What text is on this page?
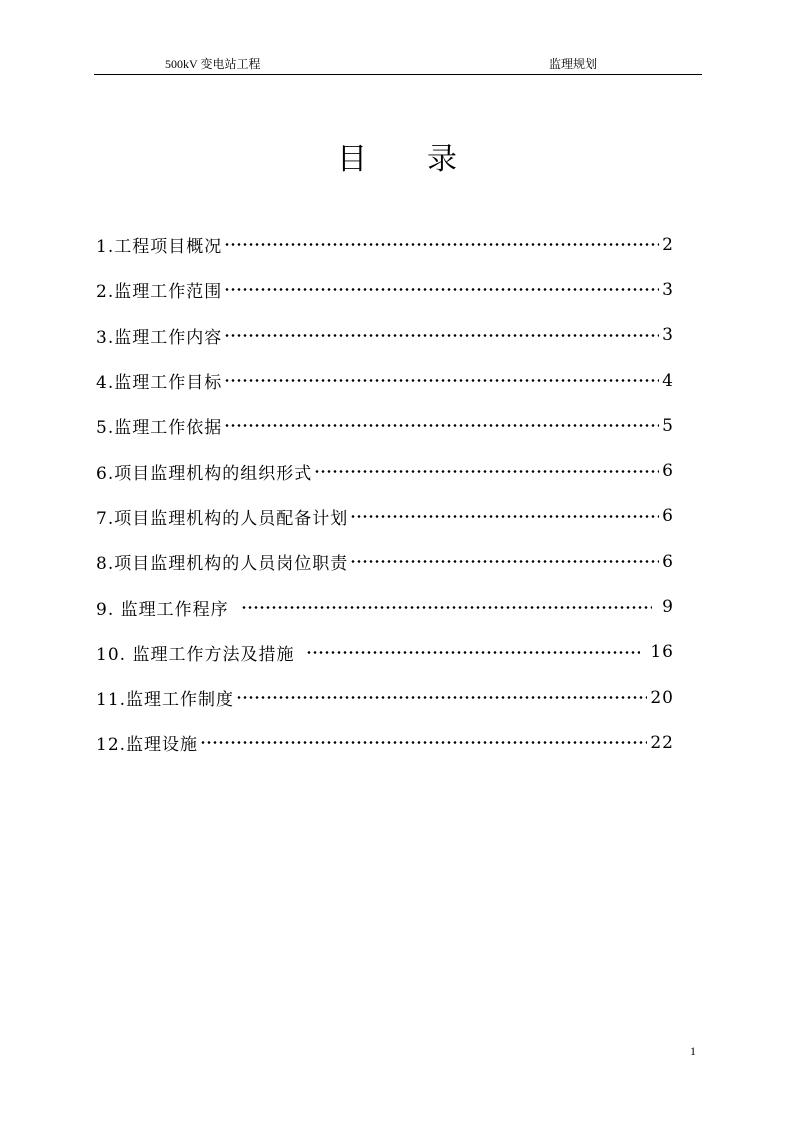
500kV 变电站工程	监理规划
目 录
1.工程项目概况	2
2.监理工作范围	3
3.监理工作内容	3
4.监理工作目标	4
5.监理工作依据	5
6.项目监理机构的组织形式	6
7.项目监理机构的人员配备计划	6
8.项目监理机构的人员岗位职责	6
9. 监理工作程序	9
10. 监理工作方法及措施	16
11.监理工作制度	20
12.监理设施	22
1
